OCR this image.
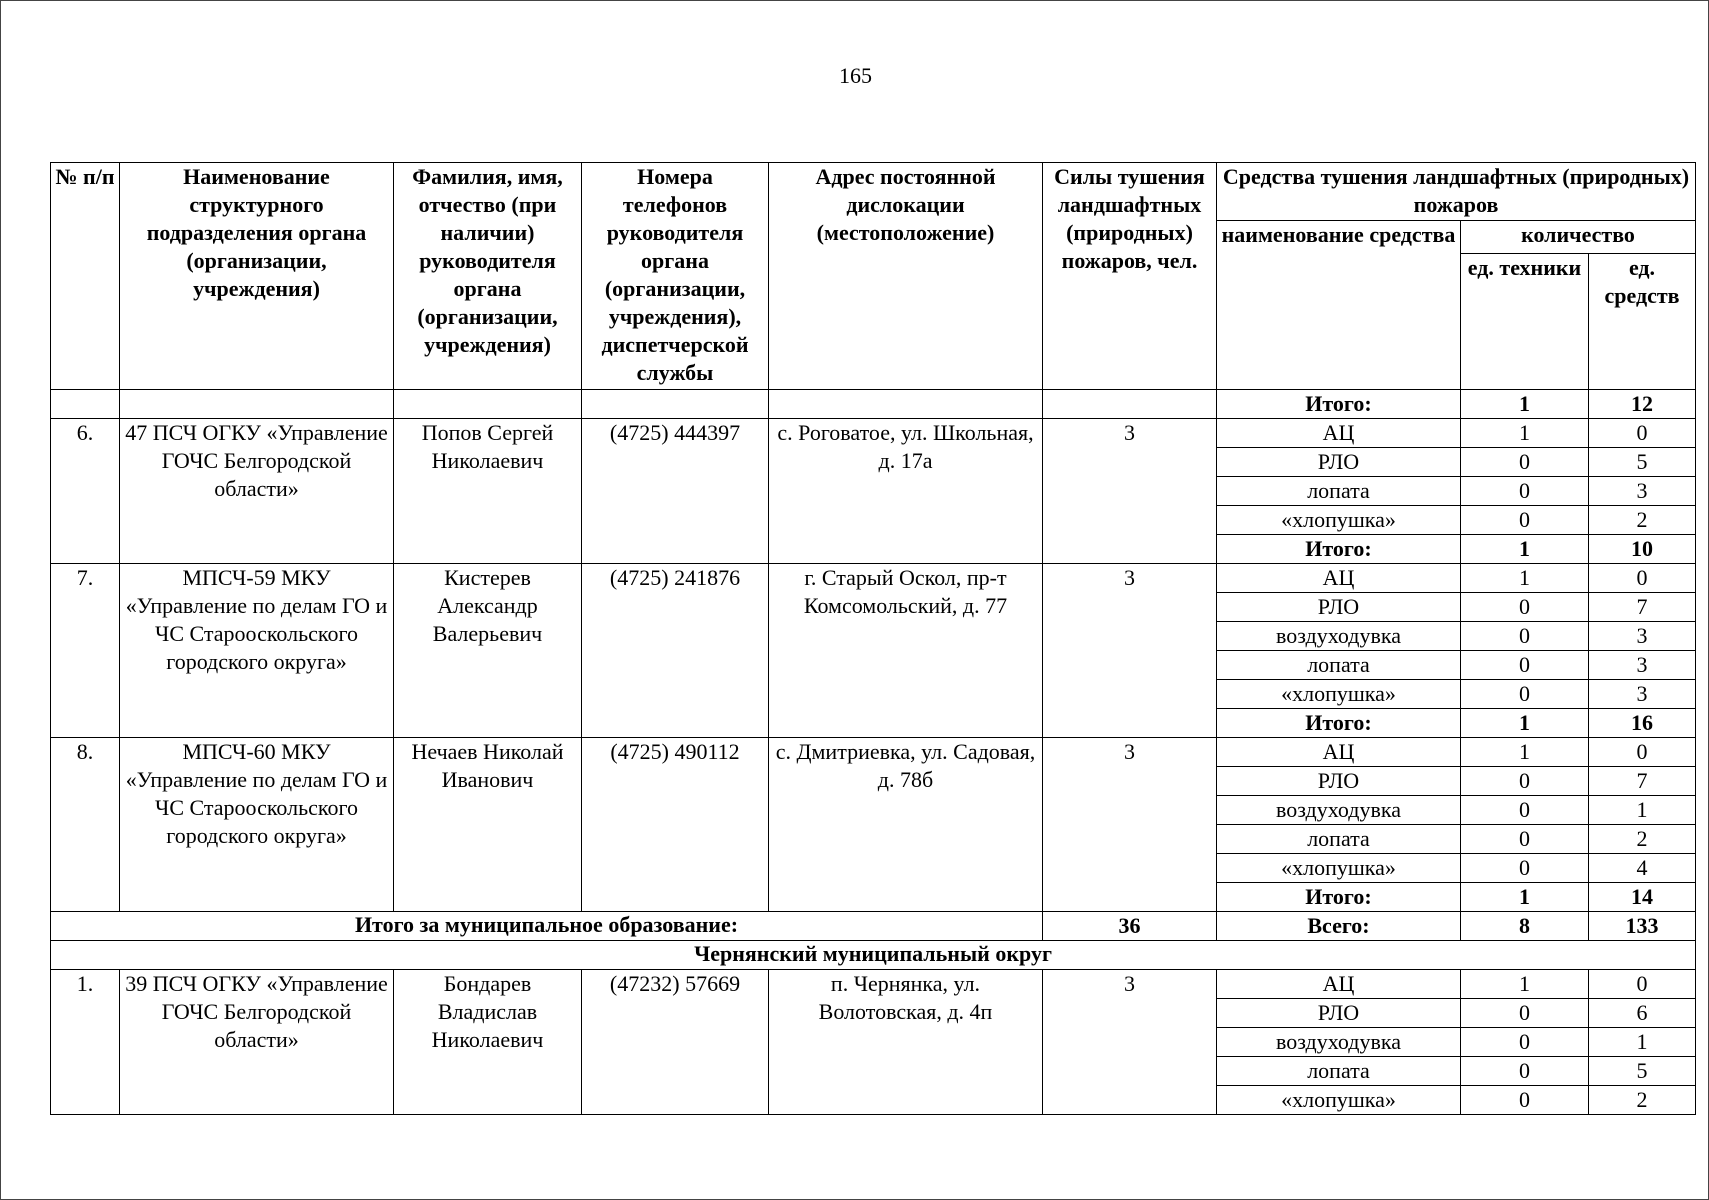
165
№ п/п	Наименование структурного подразделения органа (организации, учреждения)	Фамилия, имя, отчество (при наличии) руководителя органа (организации, учреждения)	Номера телефонов руководителя органа (организации, учреждения), диспетчерской службы	Адрес постоянной дислокации (местоположение)	Силы тушения ландшафтных (природных) пожаров, чел.	Средства тушения ландшафтных (природных) пожаров		
						наименование средства	количество	
							ед. техники	ед. средств
						Итого:	1	12
6.	47 ПСЧ ОГКУ «Управление ГОЧС Белгородской области»	Попов Сергей Николаевич	(4725) 444397	с. Роговатое, ул. Школьная, д. 17а	3	АЦ	1	0
						РЛО	0	5
						лопата	0	3
						«хлопушка»	0	2
						Итого:	1	10
7.	МПСЧ-59 МКУ «Управление по делам ГО и ЧС Старооскольского городского округа»	Кистерев Александр Валерьевич	(4725) 241876	г. Старый Оскол, пр-т Комсомольский, д. 77	3	АЦ	1	0
						РЛО	0	7
						воздуходувка	0	3
						лопата	0	3
						«хлопушка»	0	3
						Итого:	1	16
8.	МПСЧ-60 МКУ «Управление по делам ГО и ЧС Старооскольского городского округа»	Нечаев Николай Иванович	(4725) 490112	с. Дмитриевка, ул. Садовая, д. 78б	3	АЦ	1	0
						РЛО	0	7
						воздуходувка	0	1
						лопата	0	2
						«хлопушка»	0	4
						Итого:	1	14
Итого за муниципальное образование:					36	Всего:	8	133
Чернянский муниципальный округ								
1.	39 ПСЧ ОГКУ «Управление ГОЧС Белгородской области»	Бондарев Владислав Николаевич	(47232) 57669	п. Чернянка, ул. Волотовская, д. 4п	3	АЦ	1	0
						РЛО	0	6
						воздуходувка	0	1
						лопата	0	5
						«хлопушка»	0	2
